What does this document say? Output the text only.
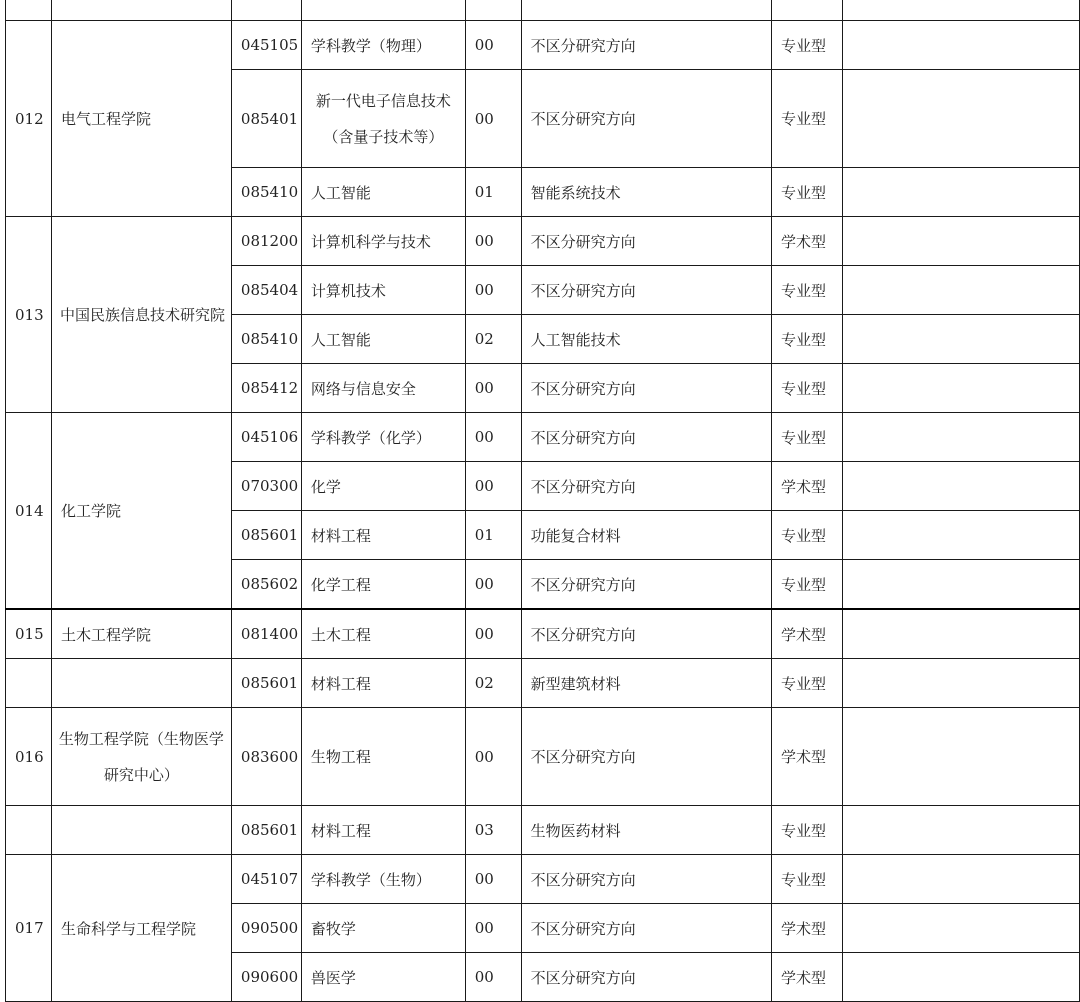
012	电气工程学院	045105	学科教学（物理）	00	不区分研究方向	专业型	
		085401	新一代电子信息技术（含量子技术等）	00	不区分研究方向	专业型	
		085410	人工智能	01	智能系统技术	专业型	
013	中国民族信息技术研究院	081200	计算机科学与技术	00	不区分研究方向	学术型	
		085404	计算机技术	00	不区分研究方向	专业型	
		085410	人工智能	02	人工智能技术	专业型	
		085412	网络与信息安全	00	不区分研究方向	专业型	
014	化工学院	045106	学科教学（化学）	00	不区分研究方向	专业型	
		070300	化学	00	不区分研究方向	学术型	
		085601	材料工程	01	功能复合材料	专业型	
		085602	化学工程	00	不区分研究方向	专业型	
015	土木工程学院	081400	土木工程	00	不区分研究方向	学术型	
		085601	材料工程	02	新型建筑材料	专业型	
016	生物工程学院（生物医学研究中心）	083600	生物工程	00	不区分研究方向	学术型	
		085601	材料工程	03	生物医药材料	专业型	
017	生命科学与工程学院	045107	学科教学（生物）	00	不区分研究方向	专业型	
		090500	畜牧学	00	不区分研究方向	学术型	
		090600	兽医学	00	不区分研究方向	学术型	
